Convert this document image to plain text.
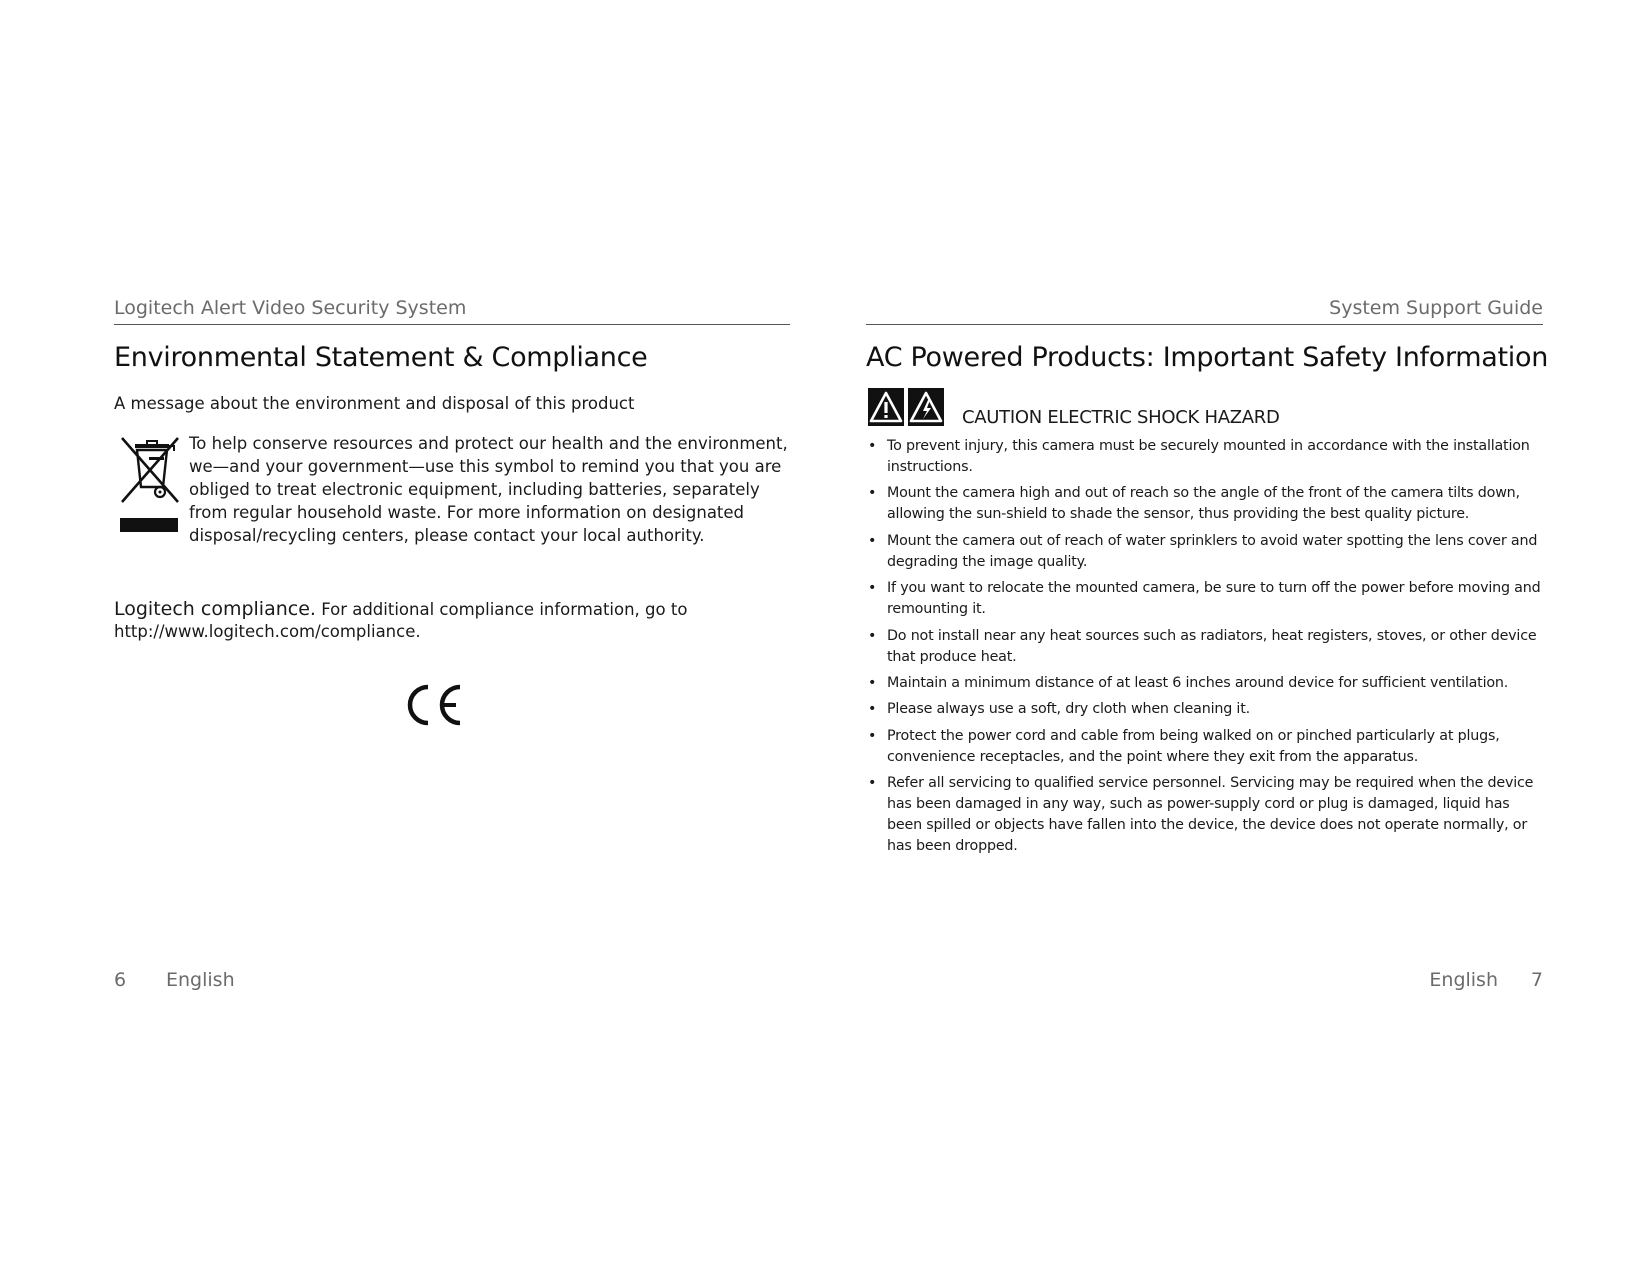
Logitech Alert Video Security System
Environmental Statement & Compliance
A message about the environment and disposal of this product

To help conserve resources and protect our health and the environment, we—and your government—use this symbol to remind you that you are obliged to treat electronic equipment, including batteries, separately from regular household waste. For more information on designated disposal/recycling centers, please contact your local authority.

Logitech compliance. For additional compliance information, go to http://www.logitech.com/compliance.

6 English
System Support Guide
AC Powered Products: Important Safety Information
CAUTION ELECTRIC SHOCK HAZARD
• To prevent injury, this camera must be securely mounted in accordance with the installation instructions.
• Mount the camera high and out of reach so the angle of the front of the camera tilts down, allowing the sun-shield to shade the sensor, thus providing the best quality picture.
• Mount the camera out of reach of water sprinklers to avoid water spotting the lens cover and degrading the image quality.
• If you want to relocate the mounted camera, be sure to turn off the power before moving and remounting it.
• Do not install near any heat sources such as radiators, heat registers, stoves, or other device that produce heat.
• Maintain a minimum distance of at least 6 inches around device for sufficient ventilation.
• Please always use a soft, dry cloth when cleaning it.
• Protect the power cord and cable from being walked on or pinched particularly at plugs, convenience receptacles, and the point where they exit from the apparatus.
• Refer all servicing to qualified service personnel. Servicing may be required when the device has been damaged in any way, such as power-supply cord or plug is damaged, liquid has been spilled or objects have fallen into the device, the device does not operate normally, or has been dropped.
English 7
